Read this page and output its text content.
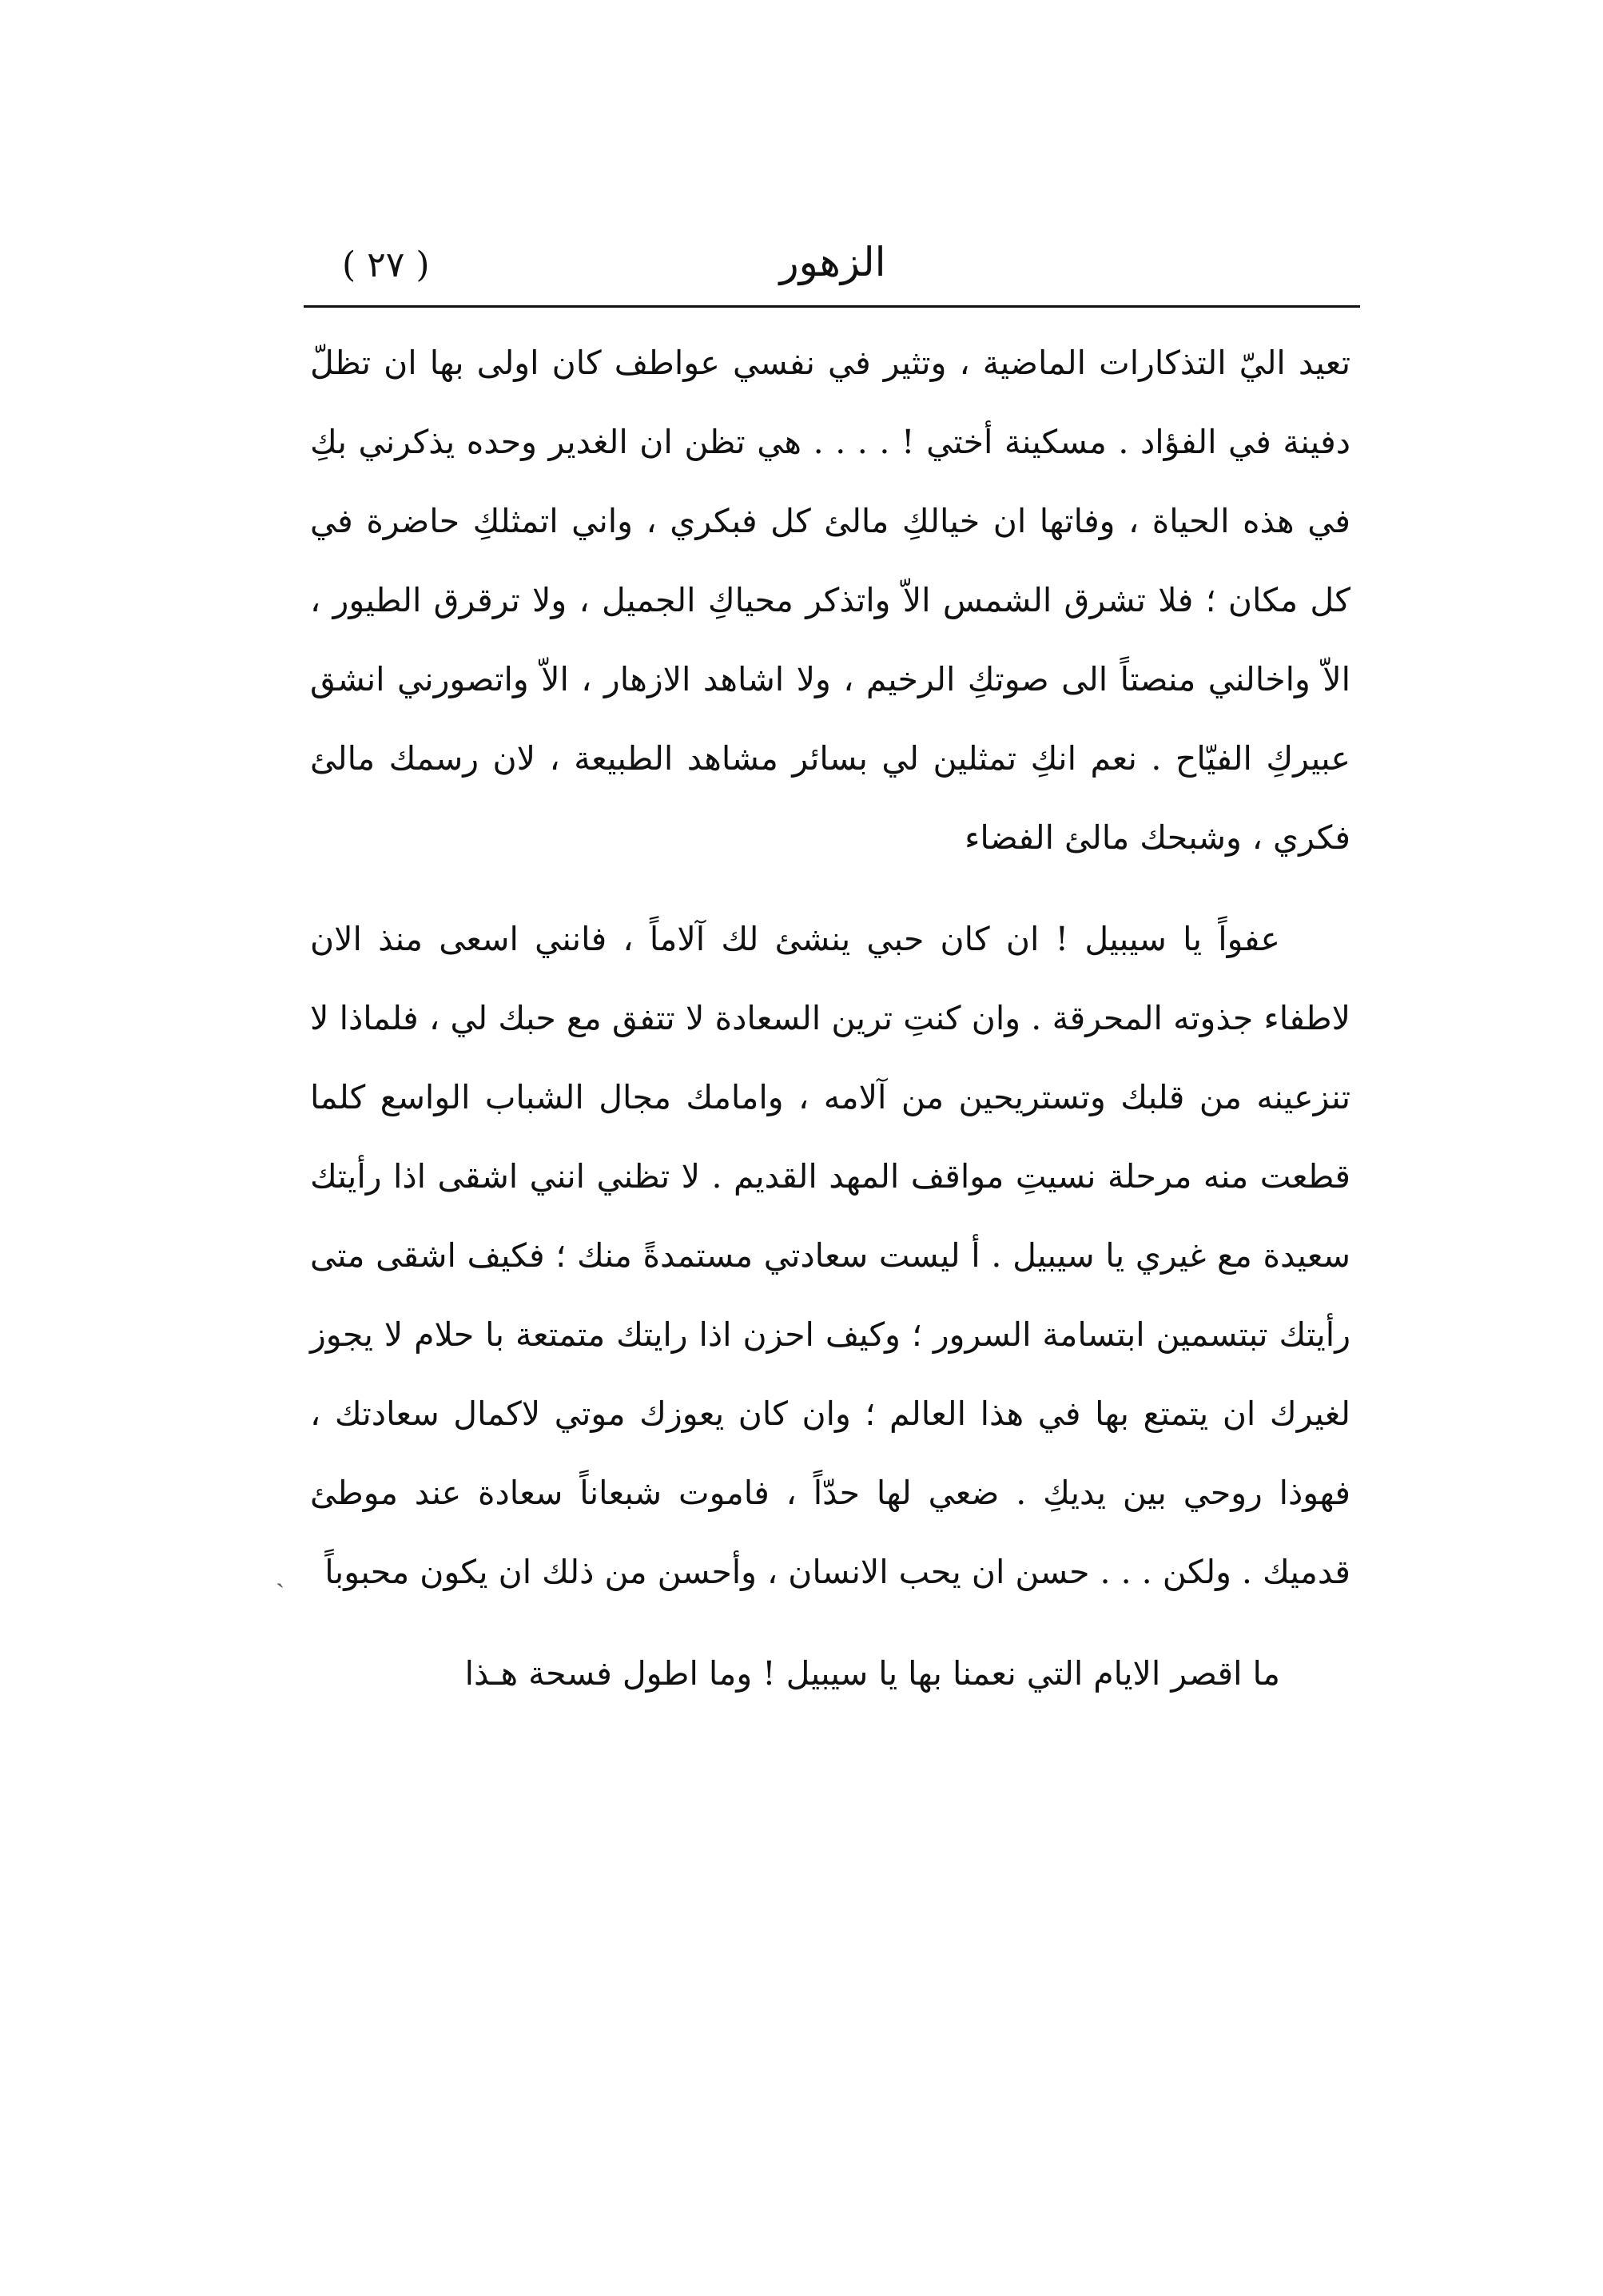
( ٢٧ )	الزهور

تعيد اليّ التذكارات الماضية ، وتثير في نفسي عواطف كان اولى بها ان تظلّ دفينة في الفؤاد . مسكينة أختي ! . . . . هي تظن ان الغدير وحده يذكرني بكِ في هذه الحياة ، وفاتها ان خيالكِ مالئ كل فبكري ، واني اتمثلكِ حاضرة في كل مكان ؛ فلا تشرق الشمس الاّ واتذكر محياكِ الجميل ، ولا ترقرق الطيور ، الاّ واخالني منصتاً الى صوتكِ الرخيم ، ولا اشاهد الازهار ، الاّ واتصورني انشق عبيركِ الفيّاح . نعم انكِ تمثلين لي بسائر مشاهد الطبيعة ، لان رسمك مالئ فكري ، وشبحك مالئ الفضاء

عفواً يا سيبيل ! ان كان حبي ينشئ لك آلاماً ، فانني اسعى منذ الان لاطفاء جذوته المحرقة . وان كنتِ ترين السعادة لا تتفق مع حبك لي ، فلماذا لا تنزعينه من قلبك وتستريحين من آلامه ، وامامك مجال الشباب الواسع كلما قطعت منه مرحلة نسيتِ مواقف المهد القديم . لا تظني انني اشقى اذا رأيتك سعيدة مع غيري يا سيبيل . أ ليست سعادتي مستمدةً منك ؛ فكيف اشقى متى رأيتك تبتسمين ابتسامة السرور ؛ وكيف احزن اذا رايتك متمتعة با حلام لا يجوز لغيرك ان يتمتع بها في هذا العالم ؛ وان كان يعوزك موتي لاكمال سعادتك ، فهوذا روحي بين يديكِ . ضعي لها حدّاً ، فاموت شبعاناً سعادة عند موطئ قدميك . ولكن . . . حسن ان يحب الانسان ، وأحسن من ذلك ان يكون محبوباً

ما اقصر الايام التي نعمنا بها يا سيبيل ! وما اطول فسحة هـذا

ˏ
